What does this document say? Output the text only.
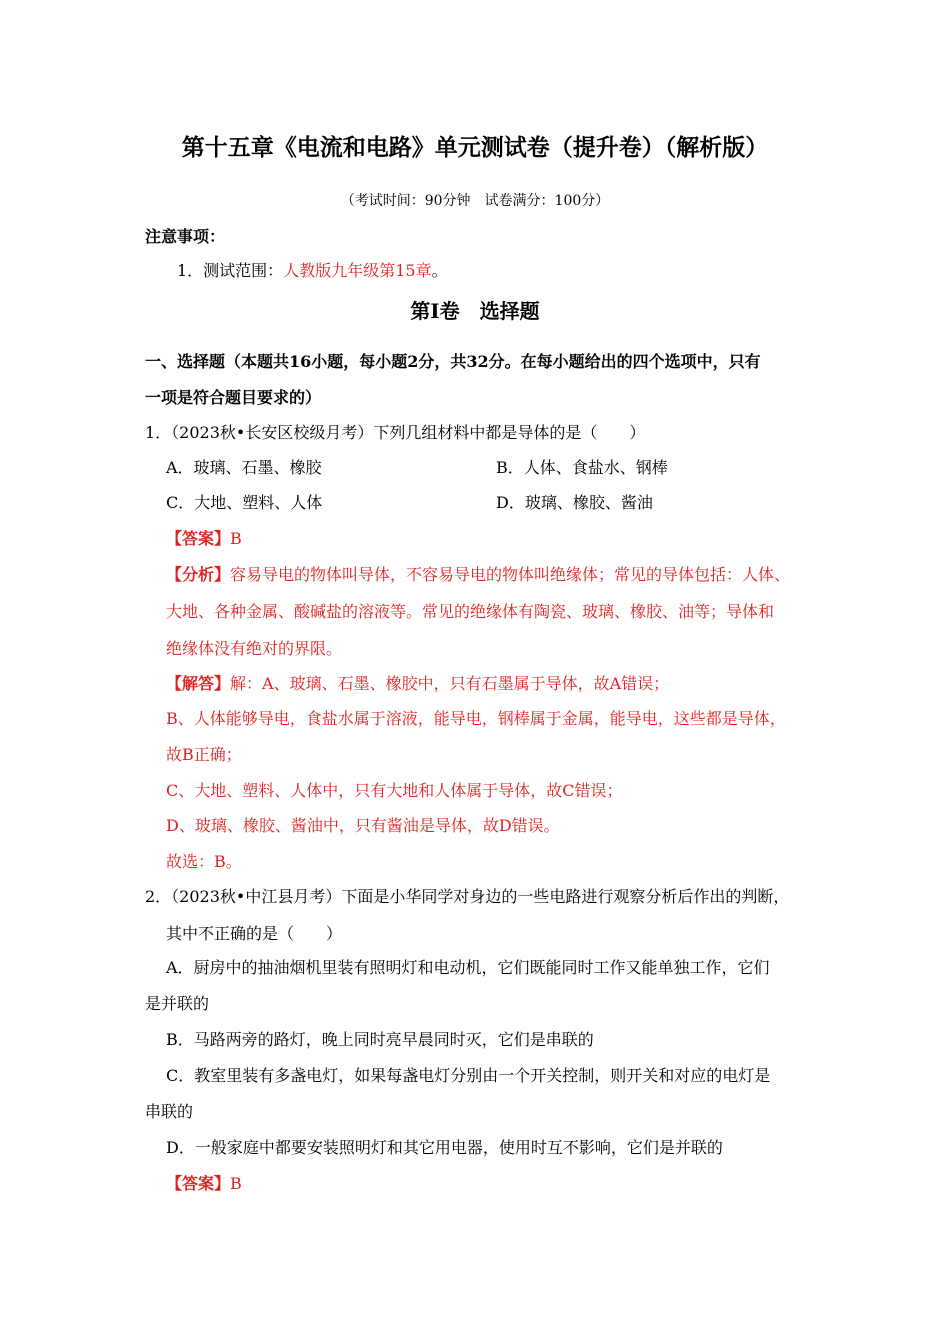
第十五章《电流和电路》单元测试卷（提升卷）（解析版）
（考试时间：90分钟　试卷满分：100分）
注意事项：
1．测试范围：人教版九年级第15章。
第Ⅰ卷　选择题
一、选择题（本题共16小题，每小题2分，共32分。在每小题给出的四个选项中，只有
一项是符合题目要求的）
1．（2023秋•长安区校级月考）下列几组材料中都是导体的是（　　）
A．玻璃、石墨、橡胶	B．人体、食盐水、钢棒
C．大地、塑料、人体	D．玻璃、橡胶、酱油
【答案】B
【分析】容易导电的物体叫导体，不容易导电的物体叫绝缘体；常见的导体包括：人体、
大地、各种金属、酸碱盐的溶液等。常见的绝缘体有陶瓷、玻璃、橡胶、油等；导体和
绝缘体没有绝对的界限。
【解答】解：A、玻璃、石墨、橡胶中，只有石墨属于导体，故A错误；
B、人体能够导电，食盐水属于溶液，能导电，钢棒属于金属，能导电，这些都是导体，
故B正确；
C、大地、塑料、人体中，只有大地和人体属于导体，故C错误；
D、玻璃、橡胶、酱油中，只有酱油是导体，故D错误。
故选：B。
2．（2023秋•中江县月考）下面是小华同学对身边的一些电路进行观察分析后作出的判断，
其中不正确的是（　　）
A．厨房中的抽油烟机里装有照明灯和电动机，它们既能同时工作又能单独工作，它们
是并联的
B．马路两旁的路灯，晚上同时亮早晨同时灭，它们是串联的
C．教室里装有多盏电灯，如果每盏电灯分别由一个开关控制，则开关和对应的电灯是
串联的
D．一般家庭中都要安装照明灯和其它用电器，使用时互不影响，它们是并联的
【答案】B
